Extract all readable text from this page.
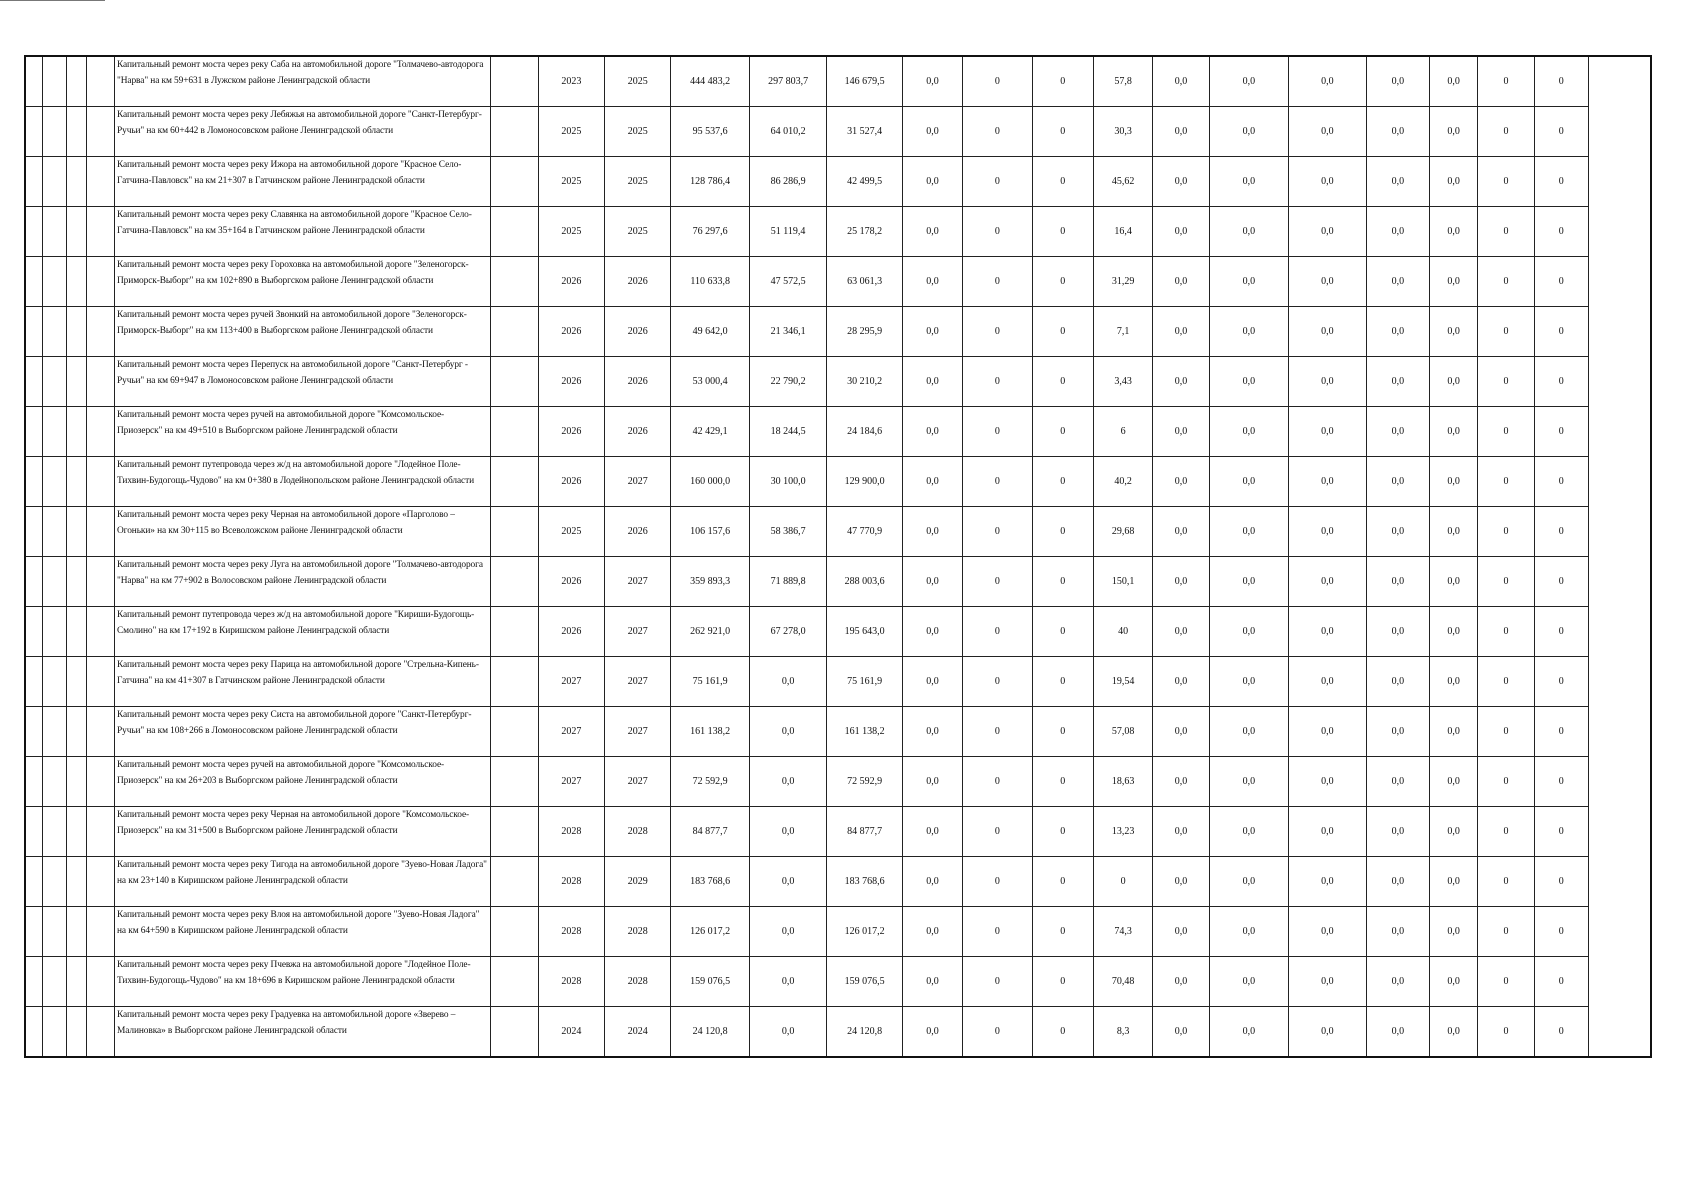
				Капитальный ремонт моста через реку Саба на автомобильной дороге "Толмачево-автодорога "Нарва" на км 59+631 в Лужском районе Ленинградской области		2023	2025	444 483,2	297 803,7	146 679,5	0,0	0	0	57,8	0,0	0,0	0,0	0,0	0,0	0	0
				Капитальный ремонт моста через реку Лебяжья на автомобильной дороге "Санкт-Петербург-Ручьи" на км 60+442 в Ломоносовском районе Ленинградской области		2025	2025	95 537,6	64 010,2	31 527,4	0,0	0	0	30,3	0,0	0,0	0,0	0,0	0,0	0	0
				Капитальный ремонт моста через реку Ижора на автомобильной дороге "Красное Село-Гатчина-Павловск" на км 21+307 в Гатчинском районе Ленинградской области		2025	2025	128 786,4	86 286,9	42 499,5	0,0	0	0	45,62	0,0	0,0	0,0	0,0	0,0	0	0
				Капитальный ремонт моста через реку Славянка на автомобильной дороге "Красное Село-Гатчина-Павловск" на км 35+164 в Гатчинском районе Ленинградской области		2025	2025	76 297,6	51 119,4	25 178,2	0,0	0	0	16,4	0,0	0,0	0,0	0,0	0,0	0	0
				Капитальный ремонт моста через реку Гороховка на автомобильной дороге "Зеленогорск-Приморск-Выборг" на км 102+890 в Выборгском районе Ленинградской области		2026	2026	110 633,8	47 572,5	63 061,3	0,0	0	0	31,29	0,0	0,0	0,0	0,0	0,0	0	0
				Капитальный ремонт моста через ручей Звонкий на автомобильной дороге "Зеленогорск-Приморск-Выборг" на км 113+400 в Выборгском районе Ленинградской области		2026	2026	49 642,0	21 346,1	28 295,9	0,0	0	0	7,1	0,0	0,0	0,0	0,0	0,0	0	0
				Капитальный ремонт моста через Перепуск на автомобильной дороге "Санкт-Петербург - Ручьи" на км 69+947 в Ломоносовском районе Ленинградской области		2026	2026	53 000,4	22 790,2	30 210,2	0,0	0	0	3,43	0,0	0,0	0,0	0,0	0,0	0	0
				Капитальный ремонт моста через ручей на автомобильной дороге "Комсомольское-Приозерск" на км 49+510 в Выборгском районе Ленинградской области		2026	2026	42 429,1	18 244,5	24 184,6	0,0	0	0	6	0,0	0,0	0,0	0,0	0,0	0	0
				Капитальный ремонт путепровода через ж/д на автомобильной дороге "Лодейное Поле-Тихвин-Будогощь-Чудово" на км 0+380 в Лодейнопольском районе Ленинградской области		2026	2027	160 000,0	30 100,0	129 900,0	0,0	0	0	40,2	0,0	0,0	0,0	0,0	0,0	0	0
				Капитальный ремонт моста через реку Черная на автомобильной дороге «Парголово – Огоньки» на км 30+115 во Всеволожском районе Ленинградской области		2025	2026	106 157,6	58 386,7	47 770,9	0,0	0	0	29,68	0,0	0,0	0,0	0,0	0,0	0	0
				Капитальный ремонт моста через реку Луга на автомобильной дороге "Толмачево-автодорога "Нарва" на км 77+902 в Волосовском районе Ленинградской области		2026	2027	359 893,3	71 889,8	288 003,6	0,0	0	0	150,1	0,0	0,0	0,0	0,0	0,0	0	0
				Капитальный ремонт путепровода через ж/д на автомобильной дороге "Кириши-Будогощь-Смолино" на км 17+192 в Киришском районе Ленинградской области		2026	2027	262 921,0	67 278,0	195 643,0	0,0	0	0	40	0,0	0,0	0,0	0,0	0,0	0	0
				Капитальный ремонт моста через реку Парица на автомобильной дороге "Стрельна-Кипень-Гатчина" на км 41+307 в Гатчинском районе Ленинградской области		2027	2027	75 161,9	0,0	75 161,9	0,0	0	0	19,54	0,0	0,0	0,0	0,0	0,0	0	0
				Капитальный ремонт моста через реку Систа на автомобильной дороге "Санкт-Петербург-Ручьи" на км 108+266 в Ломоносовском районе Ленинградской области		2027	2027	161 138,2	0,0	161 138,2	0,0	0	0	57,08	0,0	0,0	0,0	0,0	0,0	0	0
				Капитальный ремонт моста через ручей на автомобильной дороге "Комсомольское-Приозерск" на км 26+203 в Выборгском районе Ленинградской области		2027	2027	72 592,9	0,0	72 592,9	0,0	0	0	18,63	0,0	0,0	0,0	0,0	0,0	0	0
				Капитальный ремонт моста через реку Черная на автомобильной дороге "Комсомольское-Приозерск" на км 31+500 в Выборгском районе Ленинградской области		2028	2028	84 877,7	0,0	84 877,7	0,0	0	0	13,23	0,0	0,0	0,0	0,0	0,0	0	0
				Капитальный ремонт моста через реку Тигода на автомобильной дороге "Зуево-Новая Ладога" на км 23+140 в Киришском районе Ленинградской области		2028	2029	183 768,6	0,0	183 768,6	0,0	0	0	0	0,0	0,0	0,0	0,0	0,0	0	0
				Капитальный ремонт моста через реку Влоя на автомобильной дороге "Зуево-Новая Ладога" на км 64+590 в Киришском районе Ленинградской области		2028	2028	126 017,2	0,0	126 017,2	0,0	0	0	74,3	0,0	0,0	0,0	0,0	0,0	0	0
				Капитальный ремонт моста через реку Пчевжа на автомобильной дороге "Лодейное Поле-Тихвин-Будогощь-Чудово" на км 18+696 в Киришском районе Ленинградской области		2028	2028	159 076,5	0,0	159 076,5	0,0	0	0	70,48	0,0	0,0	0,0	0,0	0,0	0	0
				Капитальный ремонт моста через реку Градуевка на автомобильной дороге «Зверево – Малиновка» в Выборгском районе Ленинградской области		2024	2024	24 120,8	0,0	24 120,8	0,0	0	0	8,3	0,0	0,0	0,0	0,0	0,0	0	0
